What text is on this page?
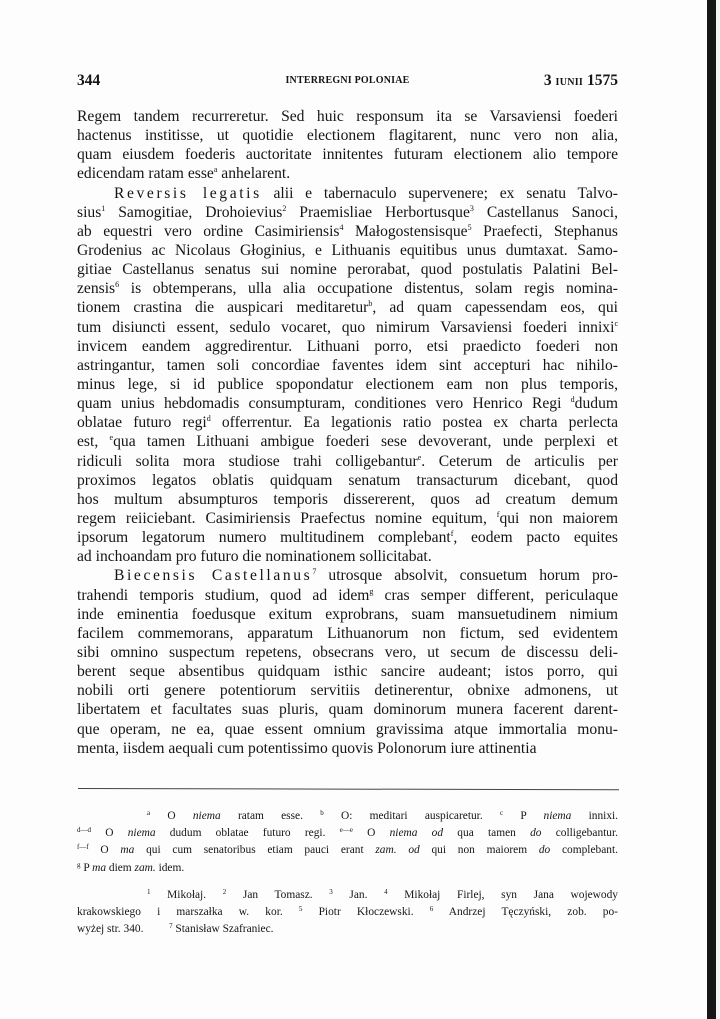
344	INTERREGNI POLONIAE	3 IUNII 1575
Regem tandem recurreretur. Sed huic responsum ita se Varsaviensi foederi
hactenus institisse, ut quotidie electionem flagitarent, nunc vero non alia,
quam eiusdem foederis auctoritate innitentes futuram electionem alio tempore
edicendam ratam esse$^a$ anhelarent.
Reversis legatis alii e tabernaculo supervenere; ex senatu Talvo-
sius$^1$ Samogitiae, Drohoievius$^2$ Praemisliae Herbortusque$^3$ Castellanus Sanoci,
ab equestri vero ordine Casimiriensis$^4$ Małogostensisque$^5$ Praefecti, Stephanus
Grodenius ac Nicolaus Głoginius, e Lithuanis equitibus unus dumtaxat. Samo-
gitiae Castellanus senatus sui nomine perorabat, quod postulatis Palatini Bel-
zensis$^6$ is obtemperans, ulla alia occupatione distentus, solam regis nomina-
tionem crastina die auspicari meditaretur$^b$, ad quam capessendam eos, qui
tum disiuncti essent, sedulo vocaret, quo nimirum Varsaviensi foederi innixi$^c$
invicem eandem aggredirentur. Lithuani porro, etsi praedicto foederi non
astringantur, tamen soli concordiae faventes idem sint accepturi hac nihilo-
minus lege, si id publice spopondatur electionem eam non plus temporis,
quam unius hebdomadis consumpturam, conditiones vero Henrico Regi $^d$dudum
oblatae futuro regi$^d$ offerrentur. Ea legationis ratio postea ex charta perlecta
est, $^e$qua tamen Lithuani ambigue foederi sese devoverant, unde perplexi et
ridiculi solita mora studiose trahi colligebantur$^e$. Ceterum de articulis per
proximos legatos oblatis quidquam senatum transacturum dicebant, quod
hos multum absumpturos temporis dissererent, quos ad creatum demum
regem reiiciebant. Casimiriensis Praefectus nomine equitum, $^f$qui non maiorem
ipsorum legatorum numero multitudinem complebant$^f$, eodem pacto equites
ad inchoandam pro futuro die nominationem sollicitabat.
Biecensis Castellanus$^7$ utrosque absolvit, consuetum horum pro-
trahendi temporis studium, quod ad idem$^g$ cras semper different, periculaque
inde eminentia foedusque exitum exprobrans, suam mansuetudinem nimium
facilem commemorans, apparatum Lithuanorum non fictum, sed evidentem
sibi omnino suspectum repetens, obsecrans vero, ut secum de discessu deli-
berent seque absentibus quidquam isthic sancire audeant; istos porro, qui
nobili orti genere potentiorum servitiis detinerentur, obnixe admonens, ut
libertatem et facultates suas pluris, quam dominorum munera facerent darent-
que operam, ne ea, quae essent omnium gravissima atque immortalia monu-
menta, iisdem aequali cum potentissimo quovis Polonorum iure attinentia
$^a$ O niema ratam esse. $^b$ O: meditari auspicaretur. $^c$ P niema innixi.
$^{d—d}$ O niema dudum oblatae futuro regi. $^{e—e}$ O niema od qua tamen do colligebantur.
$^{f—f}$ O ma qui cum senatoribus etiam pauci erant zam. od qui non maiorem do complebant.
$^g$ P ma diem zam. idem.
$^1$ Mikołaj. $^2$ Jan Tomasz. $^3$ Jan. $^4$ Mikołaj Firlej, syn Jana wojewody
krakowskiego i marszałka w. kor. $^5$ Piotr Kłoczewski. $^6$ Andrzej Tęczyński, zob. po-
wyżej str. 340.	$^7$ Stanisław Szafraniec.
